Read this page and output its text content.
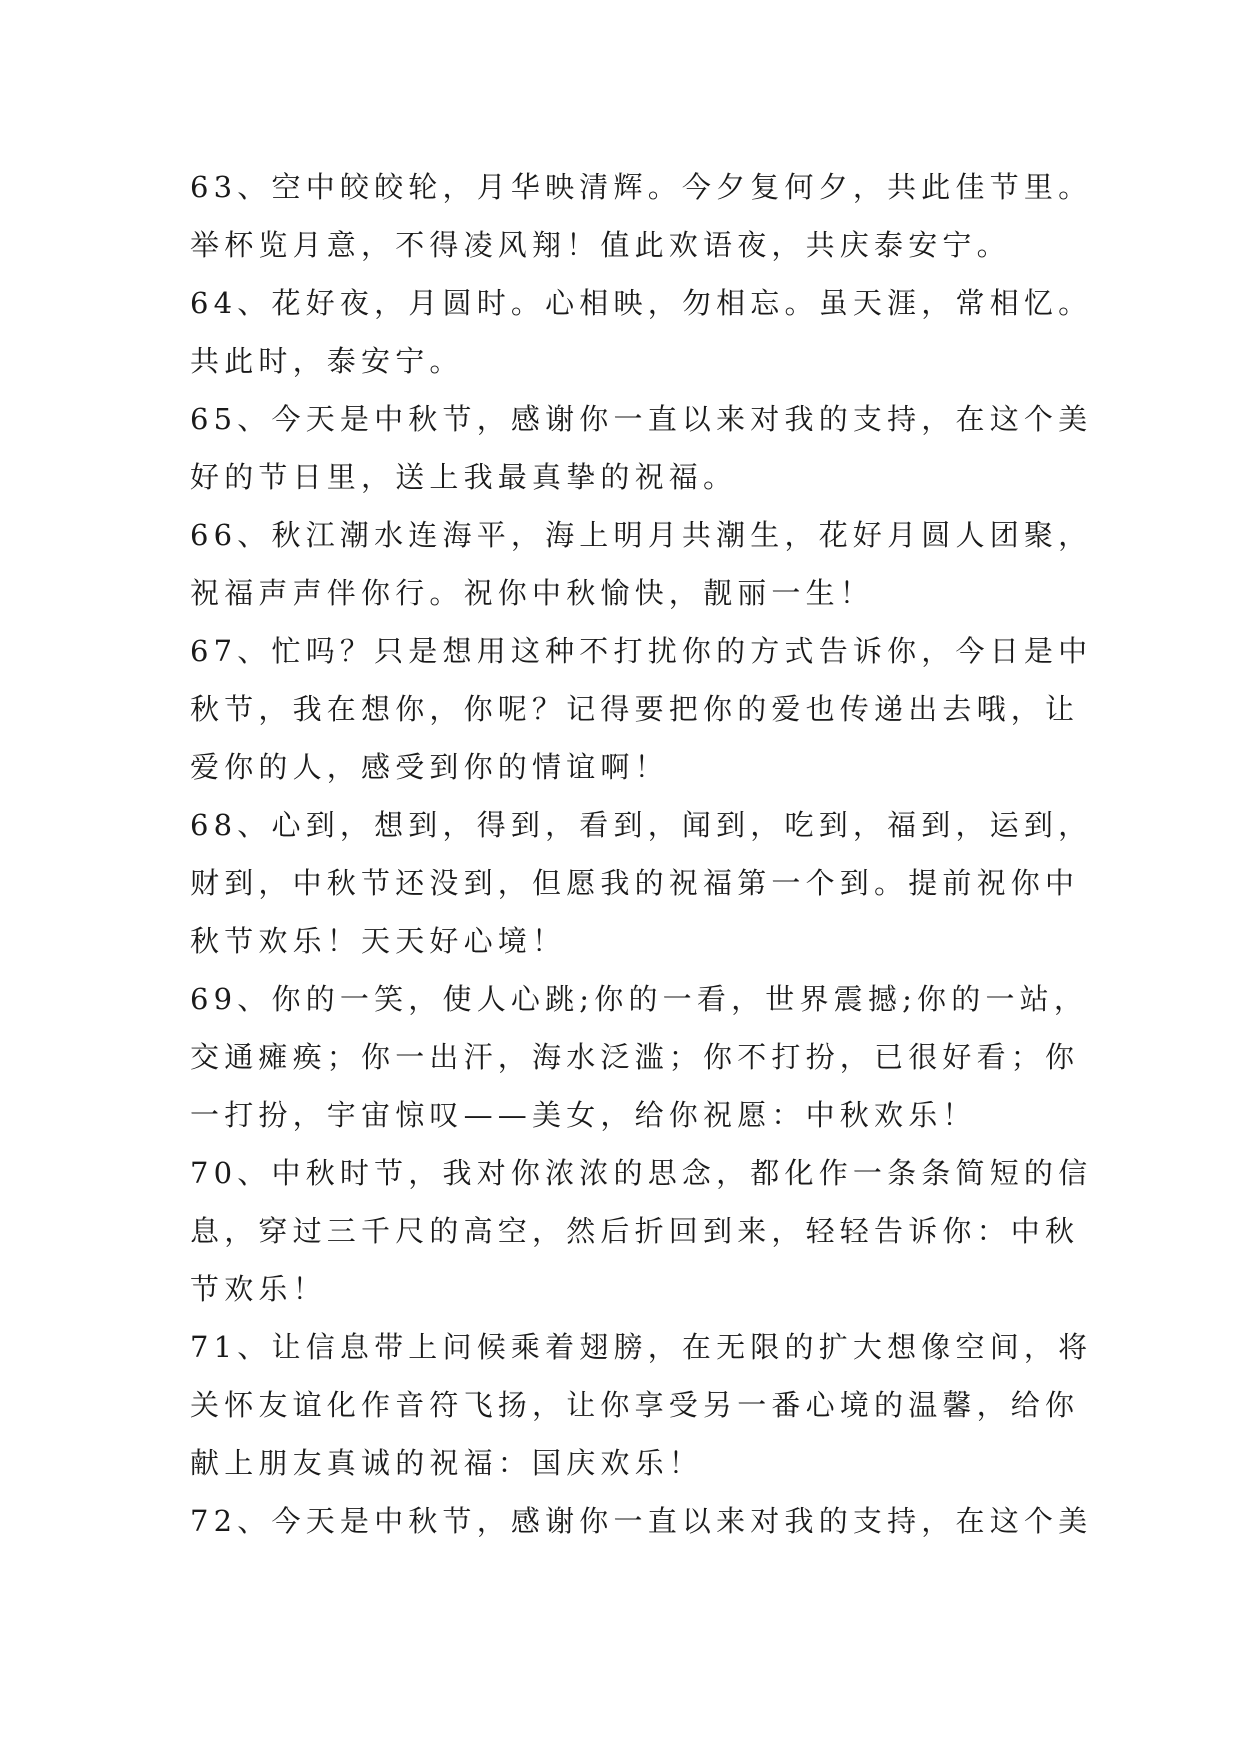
63、空中皎皎轮，月华映清辉。今夕复何夕，共此佳节里。
举杯览月意，不得凌风翔！值此欢语夜，共庆泰安宁。
64、花好夜，月圆时。心相映，勿相忘。虽天涯，常相忆。
共此时，泰安宁。
65、今天是中秋节，感谢你一直以来对我的支持，在这个美
好的节日里，送上我最真挚的祝福。
66、秋江潮水连海平，海上明月共潮生，花好月圆人团聚，
祝福声声伴你行。祝你中秋愉快，靓丽一生！
67、忙吗？只是想用这种不打扰你的方式告诉你，今日是中
秋节，我在想你，你呢？记得要把你的爱也传递出去哦，让
爱你的人，感受到你的情谊啊！
68、心到，想到，得到，看到，闻到，吃到，福到，运到，
财到，中秋节还没到，但愿我的祝福第一个到。提前祝你中
秋节欢乐！天天好心境！
69、你的一笑，使人心跳;你的一看，世界震撼;你的一站，
交通瘫痪；你一出汗，海水泛滥；你不打扮，已很好看；你
一打扮，宇宙惊叹——美女，给你祝愿：中秋欢乐！
70、中秋时节，我对你浓浓的思念，都化作一条条简短的信
息，穿过三千尺的高空，然后折回到来，轻轻告诉你：中秋
节欢乐！
71、让信息带上问候乘着翅膀，在无限的扩大想像空间，将
关怀友谊化作音符飞扬，让你享受另一番心境的温馨，给你
献上朋友真诚的祝福：国庆欢乐！
72、今天是中秋节，感谢你一直以来对我的支持，在这个美
